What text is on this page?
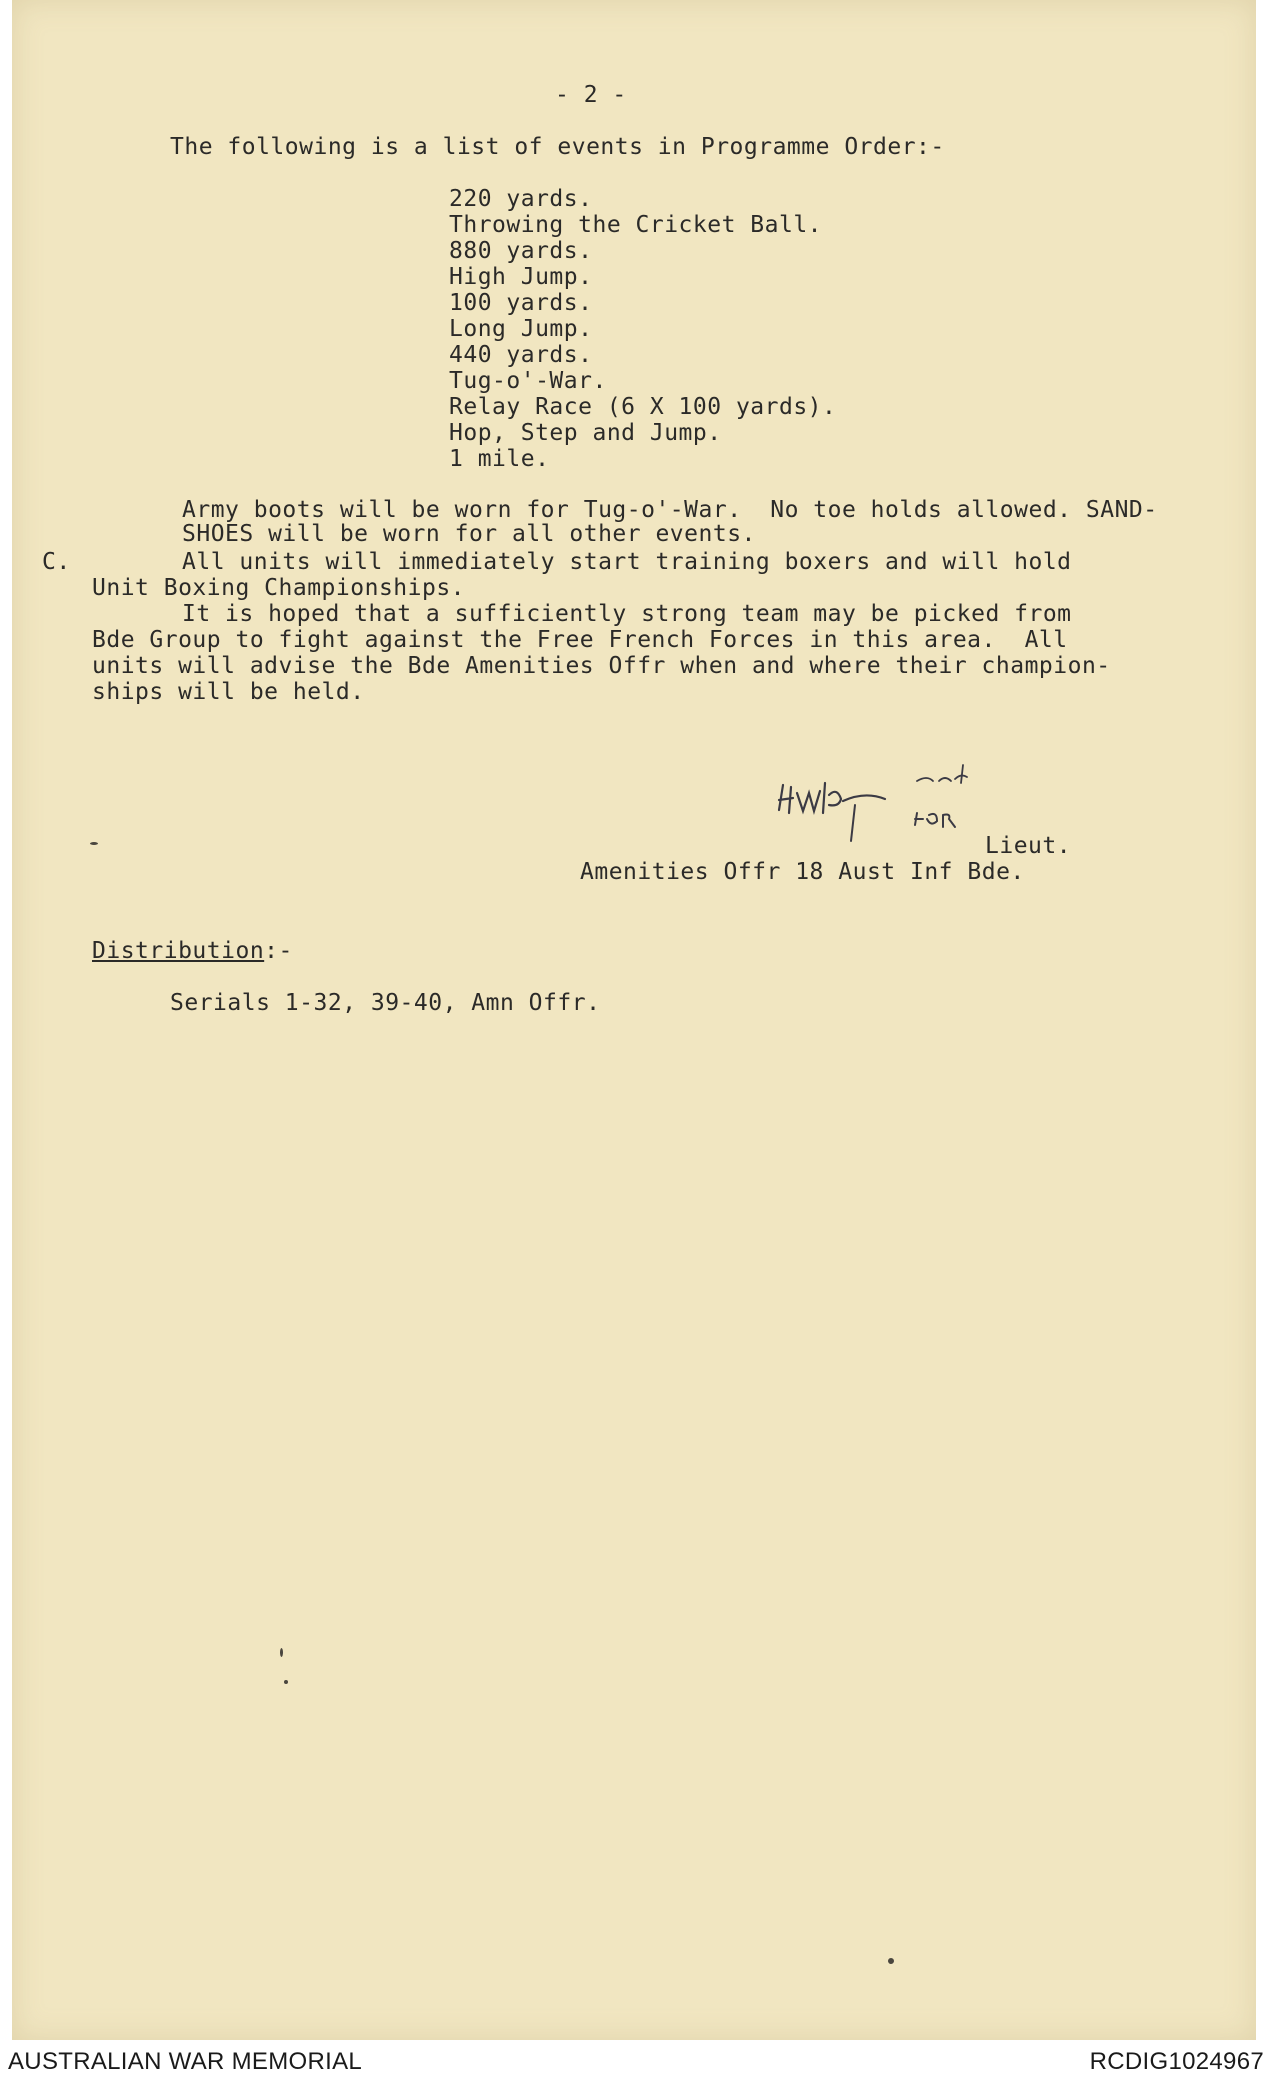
- 2 -
The following is a list of events in Programme Order:-
220 yards.
Throwing the Cricket Ball.
880 yards.
High Jump.
100 yards.
Long Jump.
440 yards.
Tug-o'-War.
Relay Race (6 X 100 yards).
Hop, Step and Jump.
1 mile.
Army boots will be worn for Tug-o'-War.  No toe holds allowed. SAND-
SHOES will be worn for all other events.
C.	All units will immediately start training boxers and will hold
Unit Boxing Championships.
It is hoped that a sufficiently strong team may be picked from
Bde Group to fight against the Free French Forces in this area.  All
units will advise the Bde Amenities Offr when and where their champion-
ships will be held.
Lieut.
Amenities Offr 18 Aust Inf Bde.
Distribution:-
Serials 1-32, 39-40, Amn Offr.
AUSTRALIAN WAR MEMORIAL	RCDIG1024967
